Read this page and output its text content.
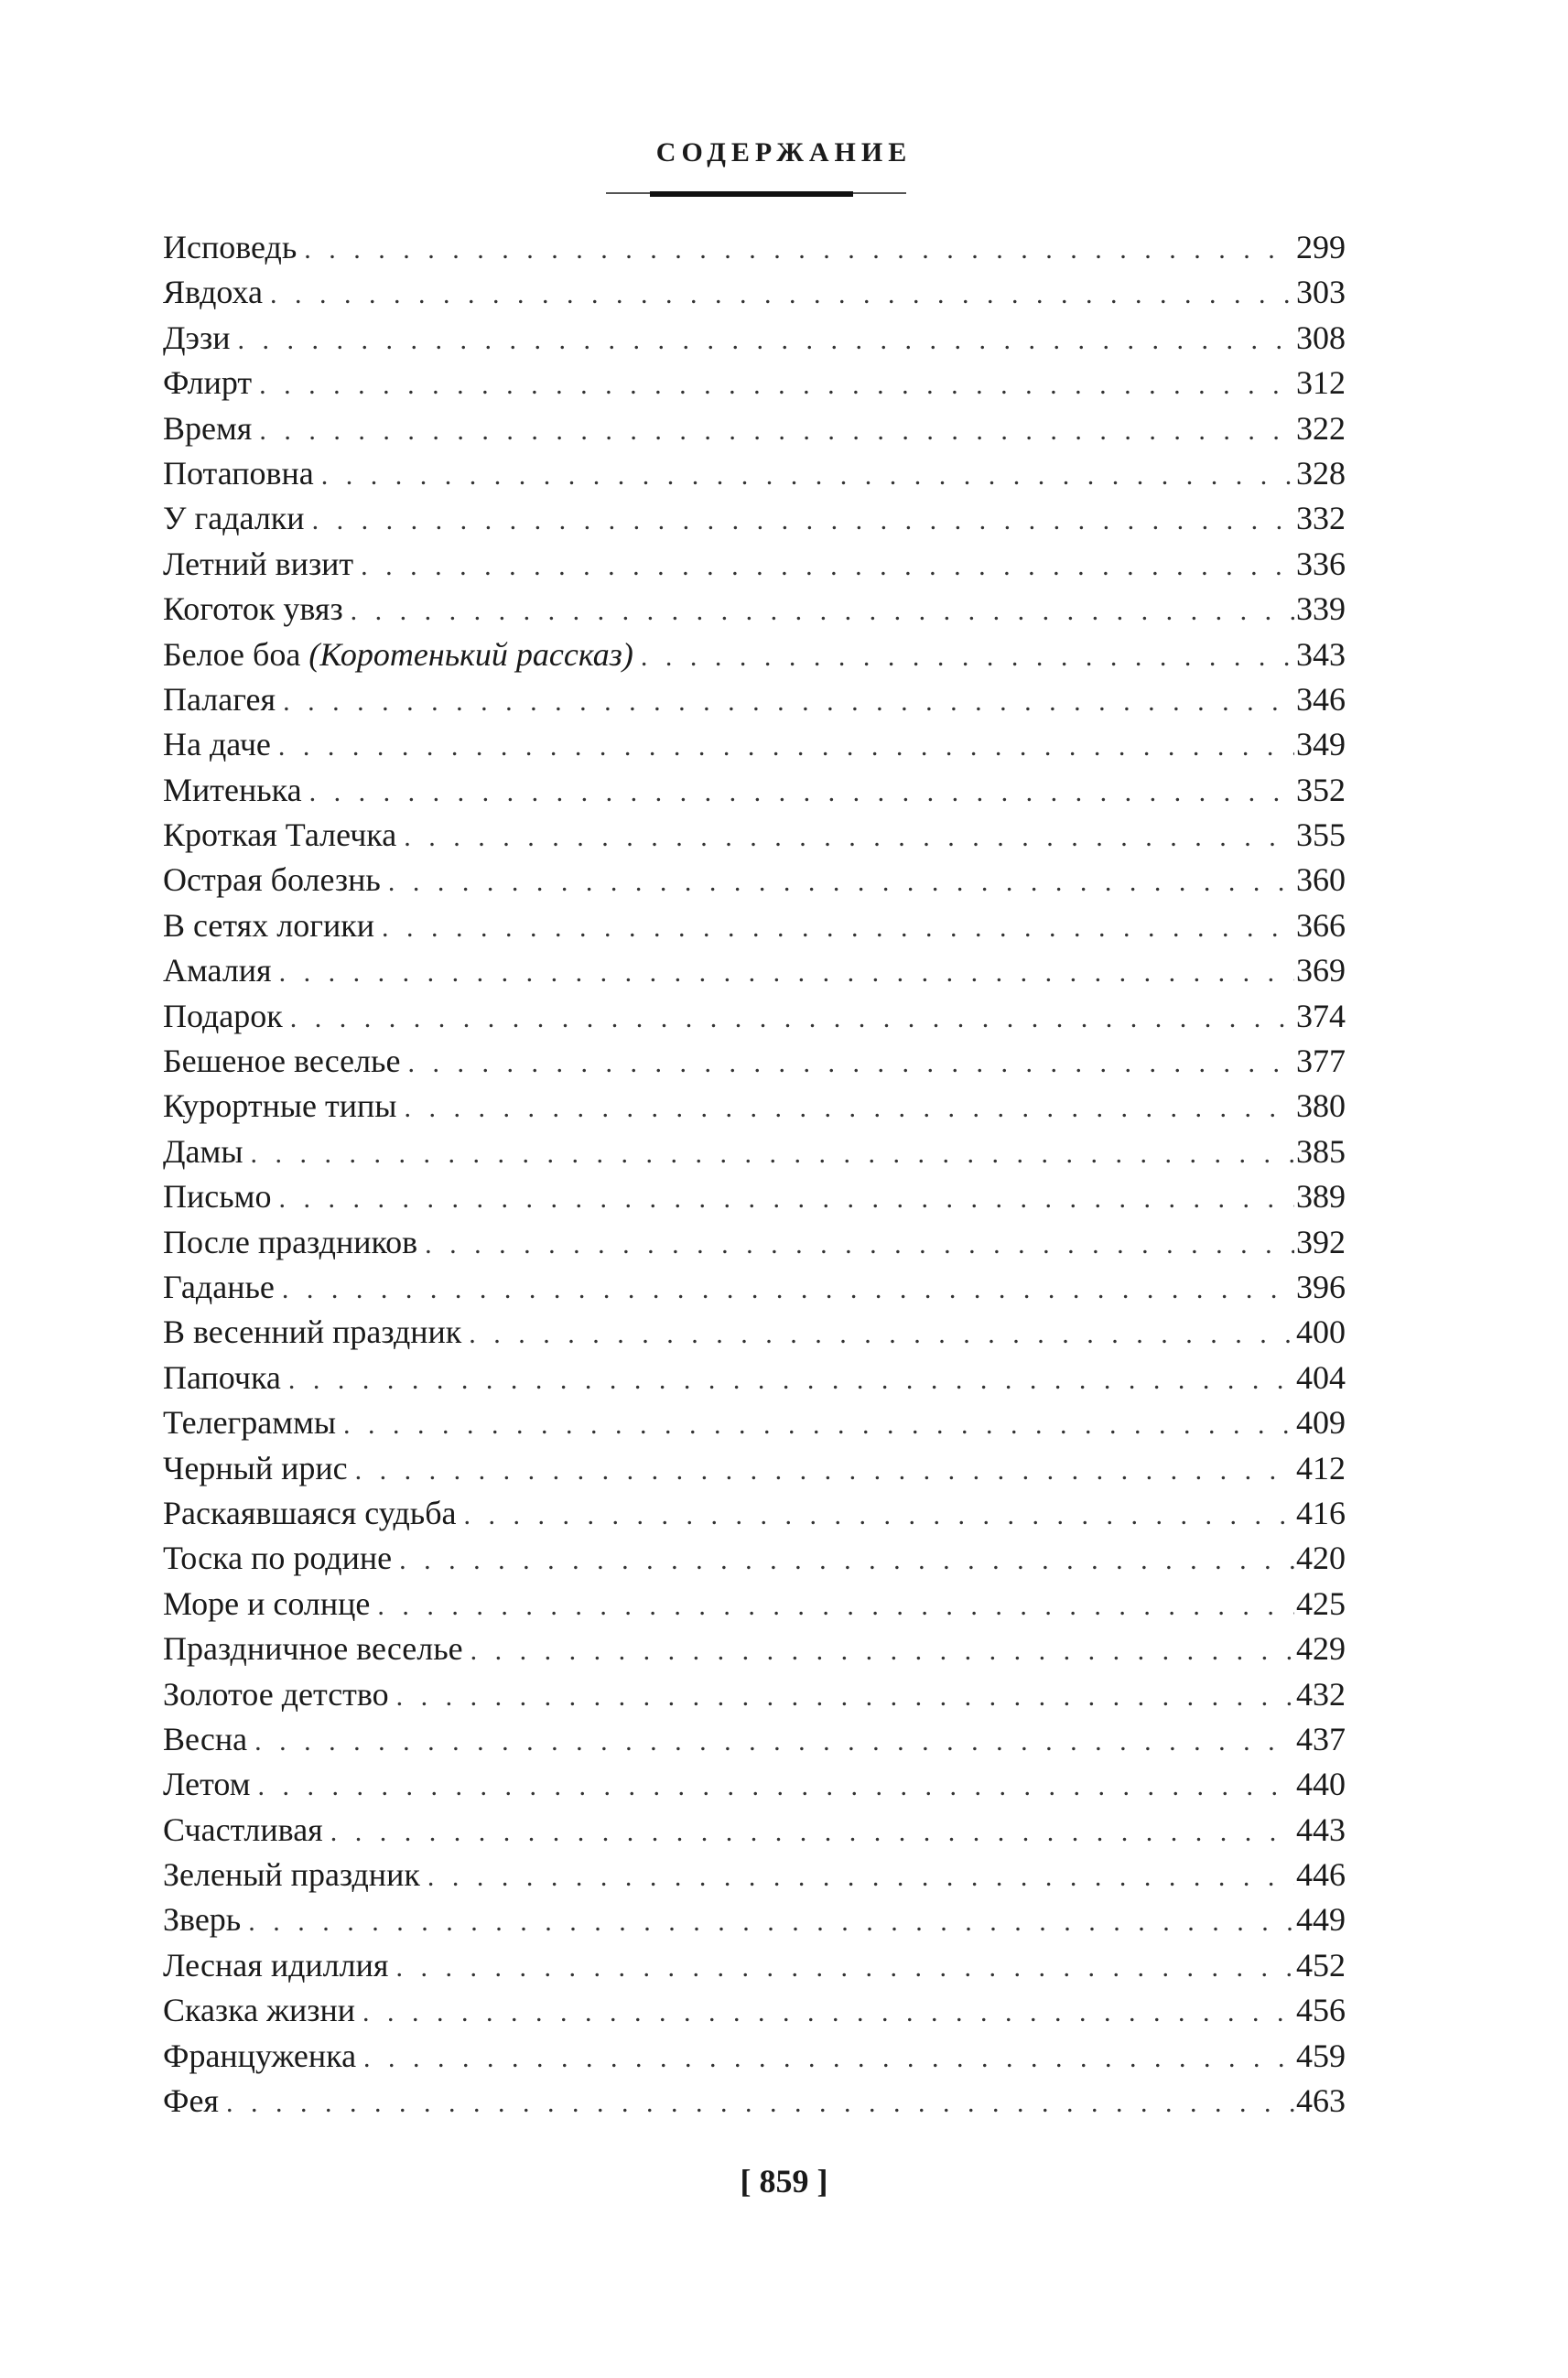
СОДЕРЖАНИЕ
Исповедь . . .	299
Явдоха . . .	303
Дэзи . . .	308
Флирт . . .	312
Время . . .	322
Потаповна . . .	328
У гадалки . . .	332
Летний визит . . .	336
Коготок увяз . . .	339
Белое боа (Коротенький рассказ) . . .	343
Палагея . . .	346
На даче . . .	349
Митенька . . .	352
Кроткая Талечка . . .	355
Острая болезнь . . .	360
В сетях логики . . .	366
Амалия . . .	369
Подарок . . .	374
Бешеное веселье . . .	377
Курортные типы . . .	380
Дамы . . .	385
Письмо . . .	389
После праздников . . .	392
Гаданье . . .	396
В весенний праздник . . .	400
Папочка . . .	404
Телеграммы . . .	409
Черный ирис . . .	412
Раскаявшаяся судьба . . .	416
Тоска по родине . . .	420
Море и солнце . . .	425
Праздничное веселье . . .	429
Золотое детство . . .	432
Весна . . .	437
Летом . . .	440
Счастливая . . .	443
Зеленый праздник . . .	446
Зверь . . .	449
Лесная идиллия . . .	452
Сказка жизни . . .	456
Француженка . . .	459
Фея . . .	463
[ 859 ]
